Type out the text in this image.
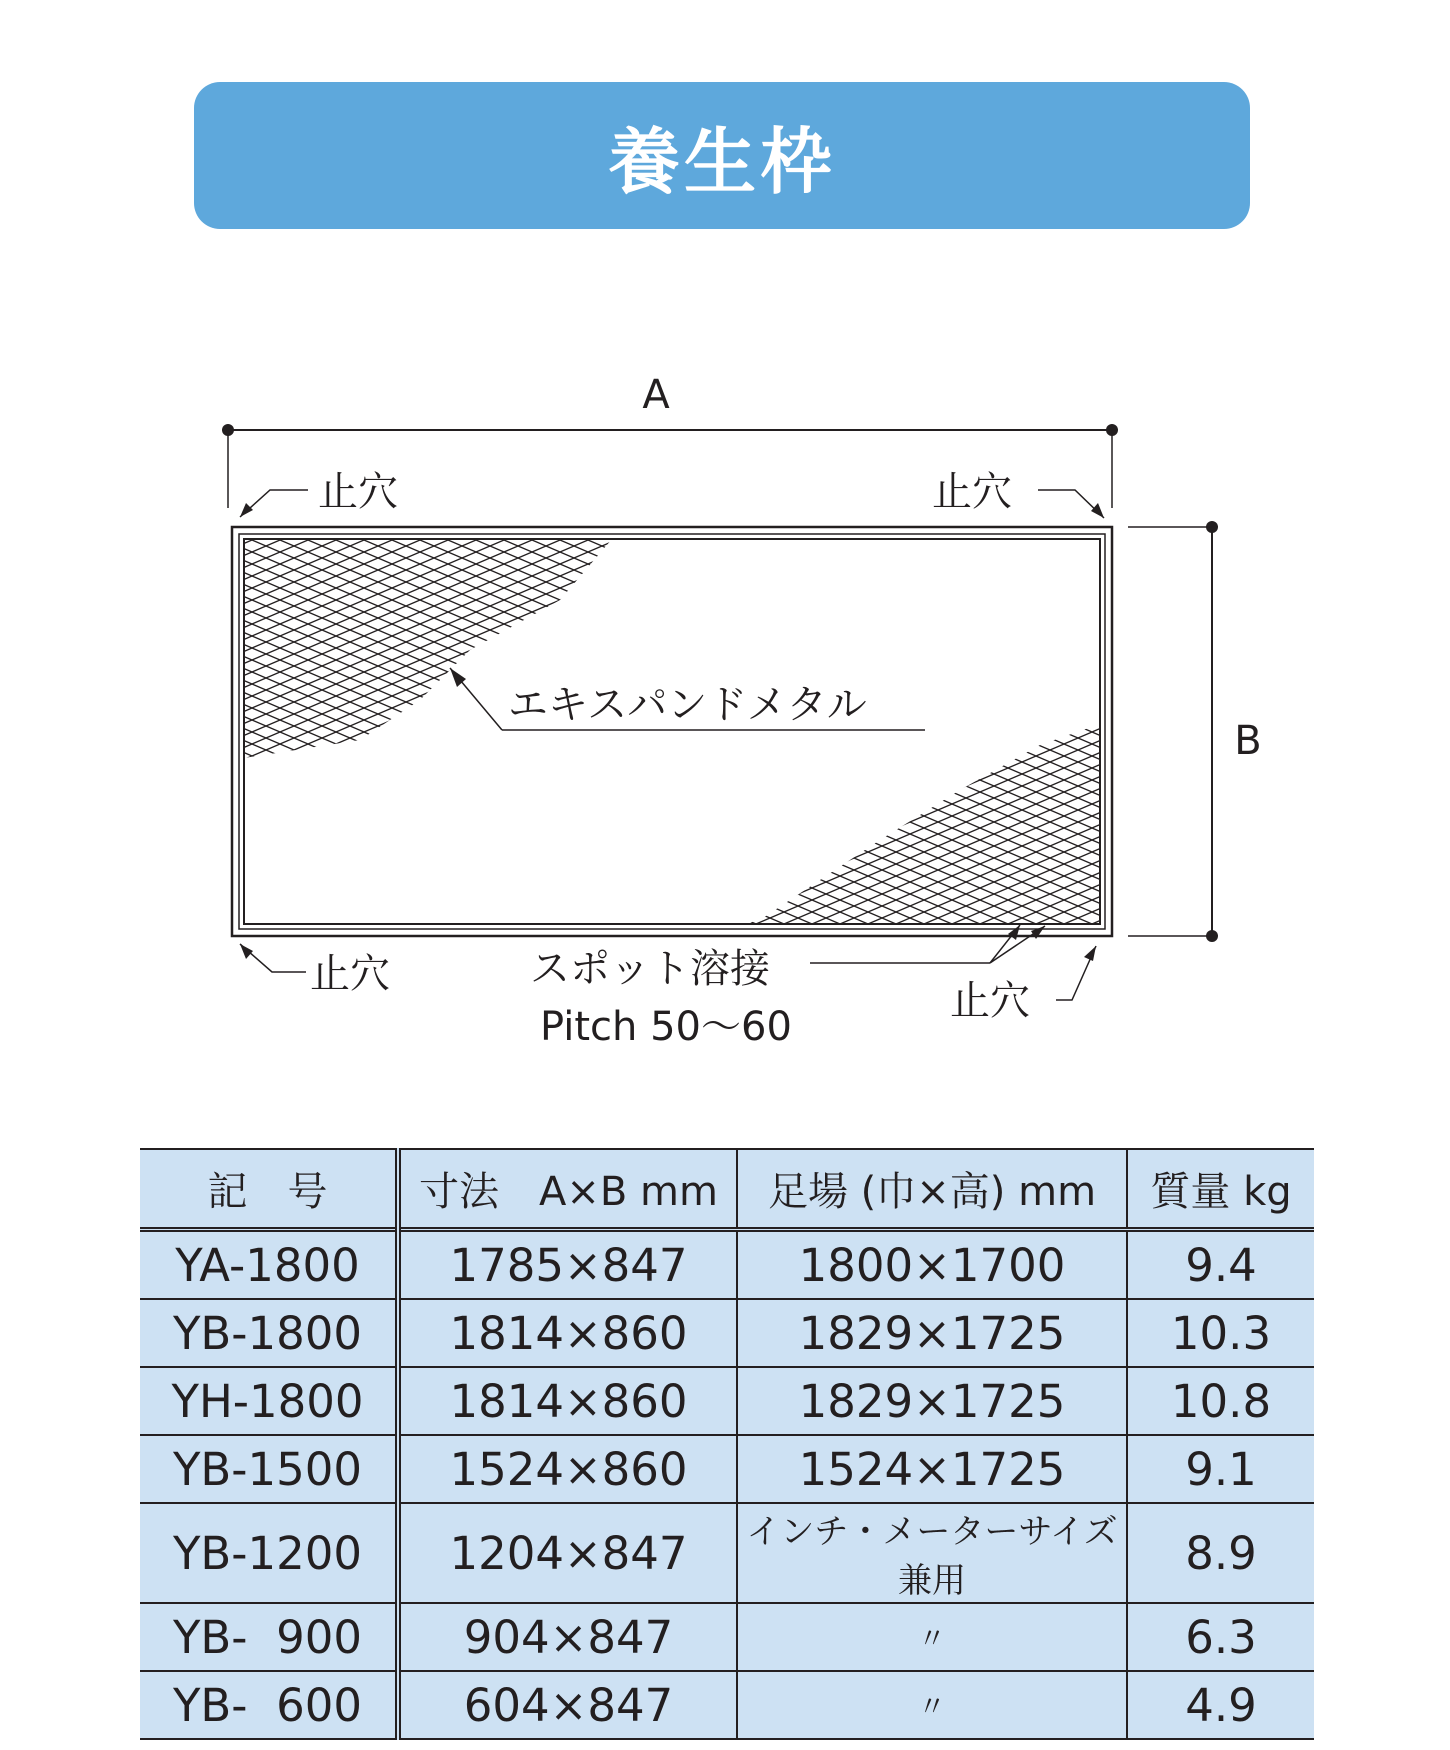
養生枠
A
B
エキスパンドメタル
止穴	止穴
止穴
止穴
スポット溶接
Pitch 50〜60
記　号	寸法　A×B mm	足場 (巾×高) mm	質量 kg
YA-1800	1785×847	1800×1700	9.4
YB-1800	1814×860	1829×1725	10.3
YH-1800	1814×860	1829×1725	10.8
YB-1500	1524×860	1524×1725	9.1
YB-1200	1204×847	インチ・メーターサイズ兼用	8.9
YB-  900	904×847	〃	6.3
YB-  600	604×847	〃	4.9
